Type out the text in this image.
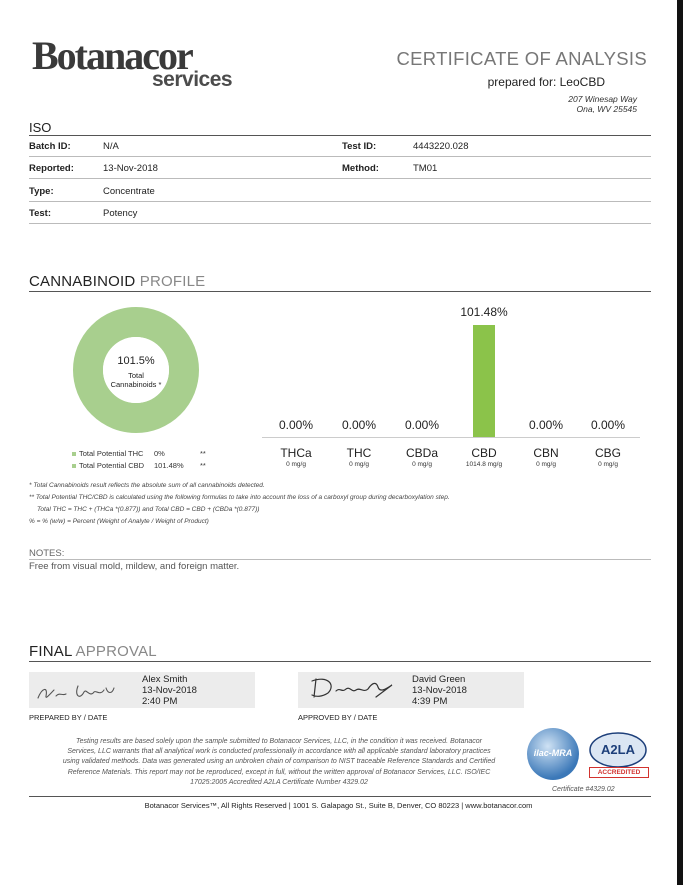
Botanacor
services
CERTIFICATE OF ANALYSIS
prepared for: LeoCBD
207 Winesap Way
Ona, WV 25545
ISO
Batch ID:	N/A	Test ID:	4443220.028
Reported:	13-Nov-2018	Method:	TM01
Type:	Concentrate
Test:	Potency
CANNABINOID PROFILE
101.5%
Total
Cannabinoids *
Total Potential THC 0%	**
Total Potential CBD 101.48% **
0.00%
THCa
0 mg/g
0.00%
THC
0 mg/g
0.00%
CBDa
0 mg/g
101.48%
CBD
1014.8 mg/g
0.00%
CBN
0 mg/g
0.00%
CBG
0 mg/g
* Total Cannabinoids result reflects the absolute sum of all cannabinoids detected.
** Total Potential THC/CBD is calculated using the following formulas to take into account the loss of a carboxyl group during decarboxylation step.
Total THC = THC + (THCa *(0.877)) and Total CBD = CBD + (CBDa *(0.877))
% = % (w/w) = Percent (Weight of Analyte / Weight of Product)
NOTES:
Free from visual mold, mildew, and foreign matter.
FINAL APPROVAL
Alex Smith
13-Nov-2018
2:40 PM
PREPARED BY / DATE
David Green
13-Nov-2018
4:39 PM
APPROVED BY / DATE
Testing results are based solely upon the sample submitted to Botanacor Services, LLC, in the condition it was received. Botanacor
Services, LLC warrants that all analytical work is conducted professionally in accordance with all applicable standard laboratory practices
using validated methods. Data was generated using an unbroken chain of comparison to NIST traceable Reference Standards and Certified
Reference Materials. This report may not be reproduced, except in full, without the written approval of Botanacor Services, LLC. ISO/IEC
17025:2005 Accredited A2LA Certificate Number 4329.02
ilac-MRA	A2LA
ACCREDITED
Certificate #4329.02
Botanacor Services™, All Rights Reserved | 1001 S. Galapago St., Suite B, Denver, CO 80223 | www.botanacor.com
